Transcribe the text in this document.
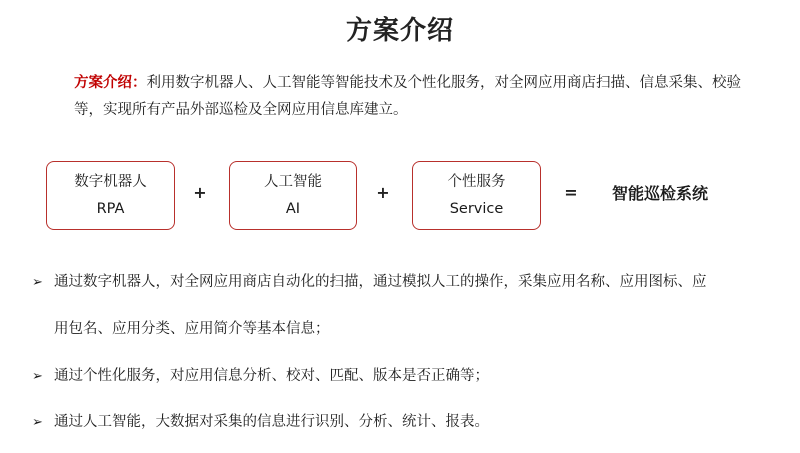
方案介绍
方案介绍：利用数字机器人、人工智能等智能技术及个性化服务，对全网应用商店扫描、信息采集、校验等，实现所有产品外部巡检及全网应用信息库建立。
数字机器人
RPA
+
人工智能
AI
+
个性服务
Service
= 智能巡检系统
➢ 通过数字机器人，对全网应用商店自动化的扫描，通过模拟人工的操作，采集应用名称、应用图标、应
用包名、应用分类、应用简介等基本信息；
➢ 通过个性化服务，对应用信息分析、校对、匹配、版本是否正确等；
➢ 通过人工智能，大数据对采集的信息进行识别、分析、统计、报表。
